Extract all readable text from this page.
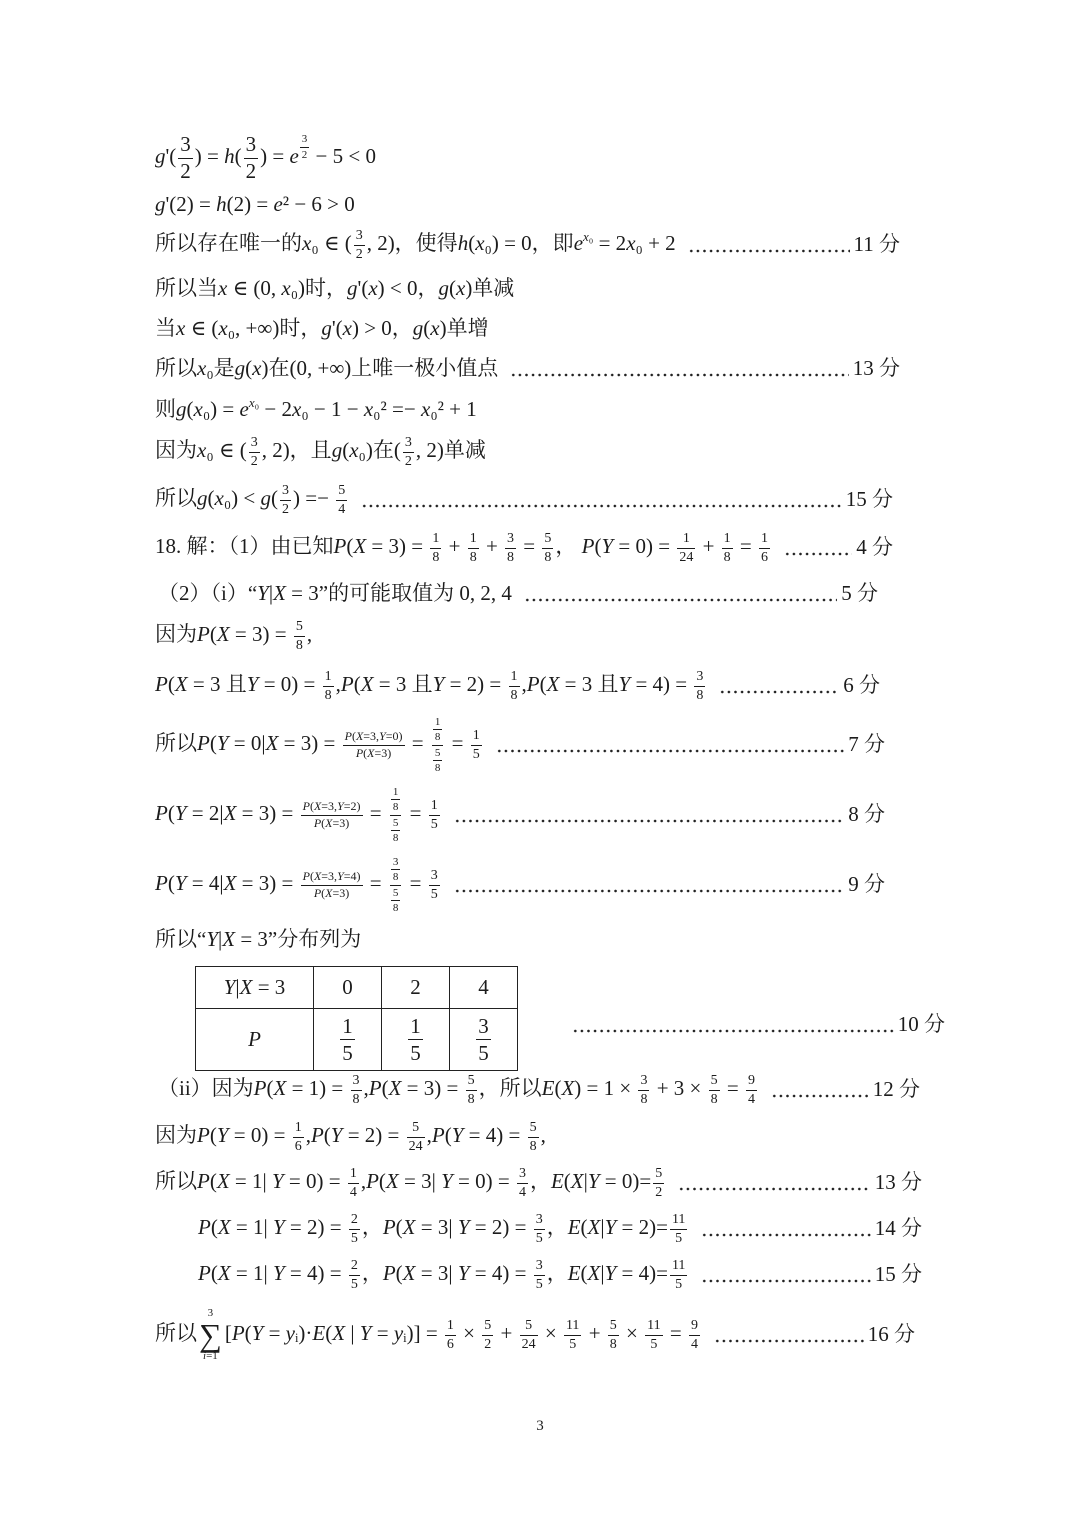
$g'( \frac{3}{2}$ ) = $h( \frac{3}{2}$ ) = e $\frac{3}{2} - 5 < 0$
g'(2) = h(2) = e² − 6 > 0
所以存在唯一的x₀ ∈ ( $\frac{3}{2}$ , 2)，使得h(x₀) = 0，即$e^{x_0} = 2x_0 + 2$	11 分
所以当x ∈ (0, x₀)时，g'(x) < 0，g(x)单减
当x ∈ (x₀, +∞)时，g'(x) > 0，g(x)单增
所以x₀是g(x)在(0, +∞)上唯一极小值点	13 分
则$g(x_0) = e^{x_0} - 2x_0 - 1 - x_0^2 =- x_0^2 + 1$
因为x₀ ∈ ( $\frac{3}{2}$ , 2)，且g(x₀)在( $\frac{3}{2}$ , 2)单减
所以$g(x_0) < g( \frac{3}{2}$ ) =− $\frac{5}{4}$	15 分
18. 解：（1）由已知$P(X = 3) = \frac{1}{8} + \frac{1}{8} + \frac{3}{8} = \frac{5}{8}$ ， $P(Y = 0) = \frac{1}{24} + \frac{1}{8} = \frac{1}{6}$	4 分
（2）（i）“Y|X = 3”的可能取值为 0, 2, 4	5 分
因为$P(X = 3) = \frac{5}{8}$ ,
P(X = 3 且$Y = 0) = \frac{1}{8} ,P(X = 3$ 且$Y = 2) = \frac{1}{8} ,P(X = 3$ 且$Y = 4) = \frac{3}{8}$	6 分
所以$P(Y = 0|X = 3) = \frac{P(X=3,Y=0)}{P(X=3)} = \frac{\frac{1}{8}}{\frac{5}{8}} = \frac{1}{5}$	7 分
$P(Y = 2|X = 3) = \frac{P(X=3,Y=2)}{P(X=3)} = \frac{\frac{1}{8}}{\frac{5}{8}} = \frac{1}{5}$	8 分
$P(Y = 4|X = 3) = \frac{P(X=3,Y=4)}{P(X=3)} = \frac{\frac{3}{8}}{\frac{5}{8}} = \frac{3}{5}$	9 分
所以“Y|X = 3”分布列为
Y|X = 3	0	2	4
P	$\frac{1}{5}$	$\frac{1}{5}$	$\frac{3}{5}$	10 分
（ii）因为$P(X = 1) = \frac{3}{8} ,P(X = 3) = \frac{5}{8}$ ，所以$E(X) = 1 \times \frac{3}{8} + 3 \times \frac{5}{8} = \frac{9}{4}$	12 分
因为$P(Y = 0) = \frac{1}{6} ,P(Y = 2) = \frac{5}{24} ,P(Y = 4) = \frac{5}{8}$ ,
所以P(X = 1| $Y = 0) = \frac{1}{4} ,P(X = 3|$ $Y = 0) = \frac{3}{4}$ ，$E(X|Y = 0)= \frac{5}{2}$	13 分
P(X = 1| $Y = 2) = \frac{2}{5}$ ，P(X = 3| $Y = 2) = \frac{3}{5}$ ，$E(X|Y = 2)= \frac{11}{5}$	14 分
P(X = 1| $Y = 4) = \frac{2}{5}$ ，P(X = 3| $Y = 4) = \frac{3}{5}$ ，$E(X|Y = 4)= \frac{11}{5}$	15 分
所以
3
∑
i=1
[P(Y = yᵢ)·E(X | Y = yᵢ)] = $\frac{1}{6} \times \frac{5}{2} + \frac{5}{24} \times \frac{11}{5} + \frac{5}{8} \times \frac{11}{5} = \frac{9}{4}$	16 分
3
